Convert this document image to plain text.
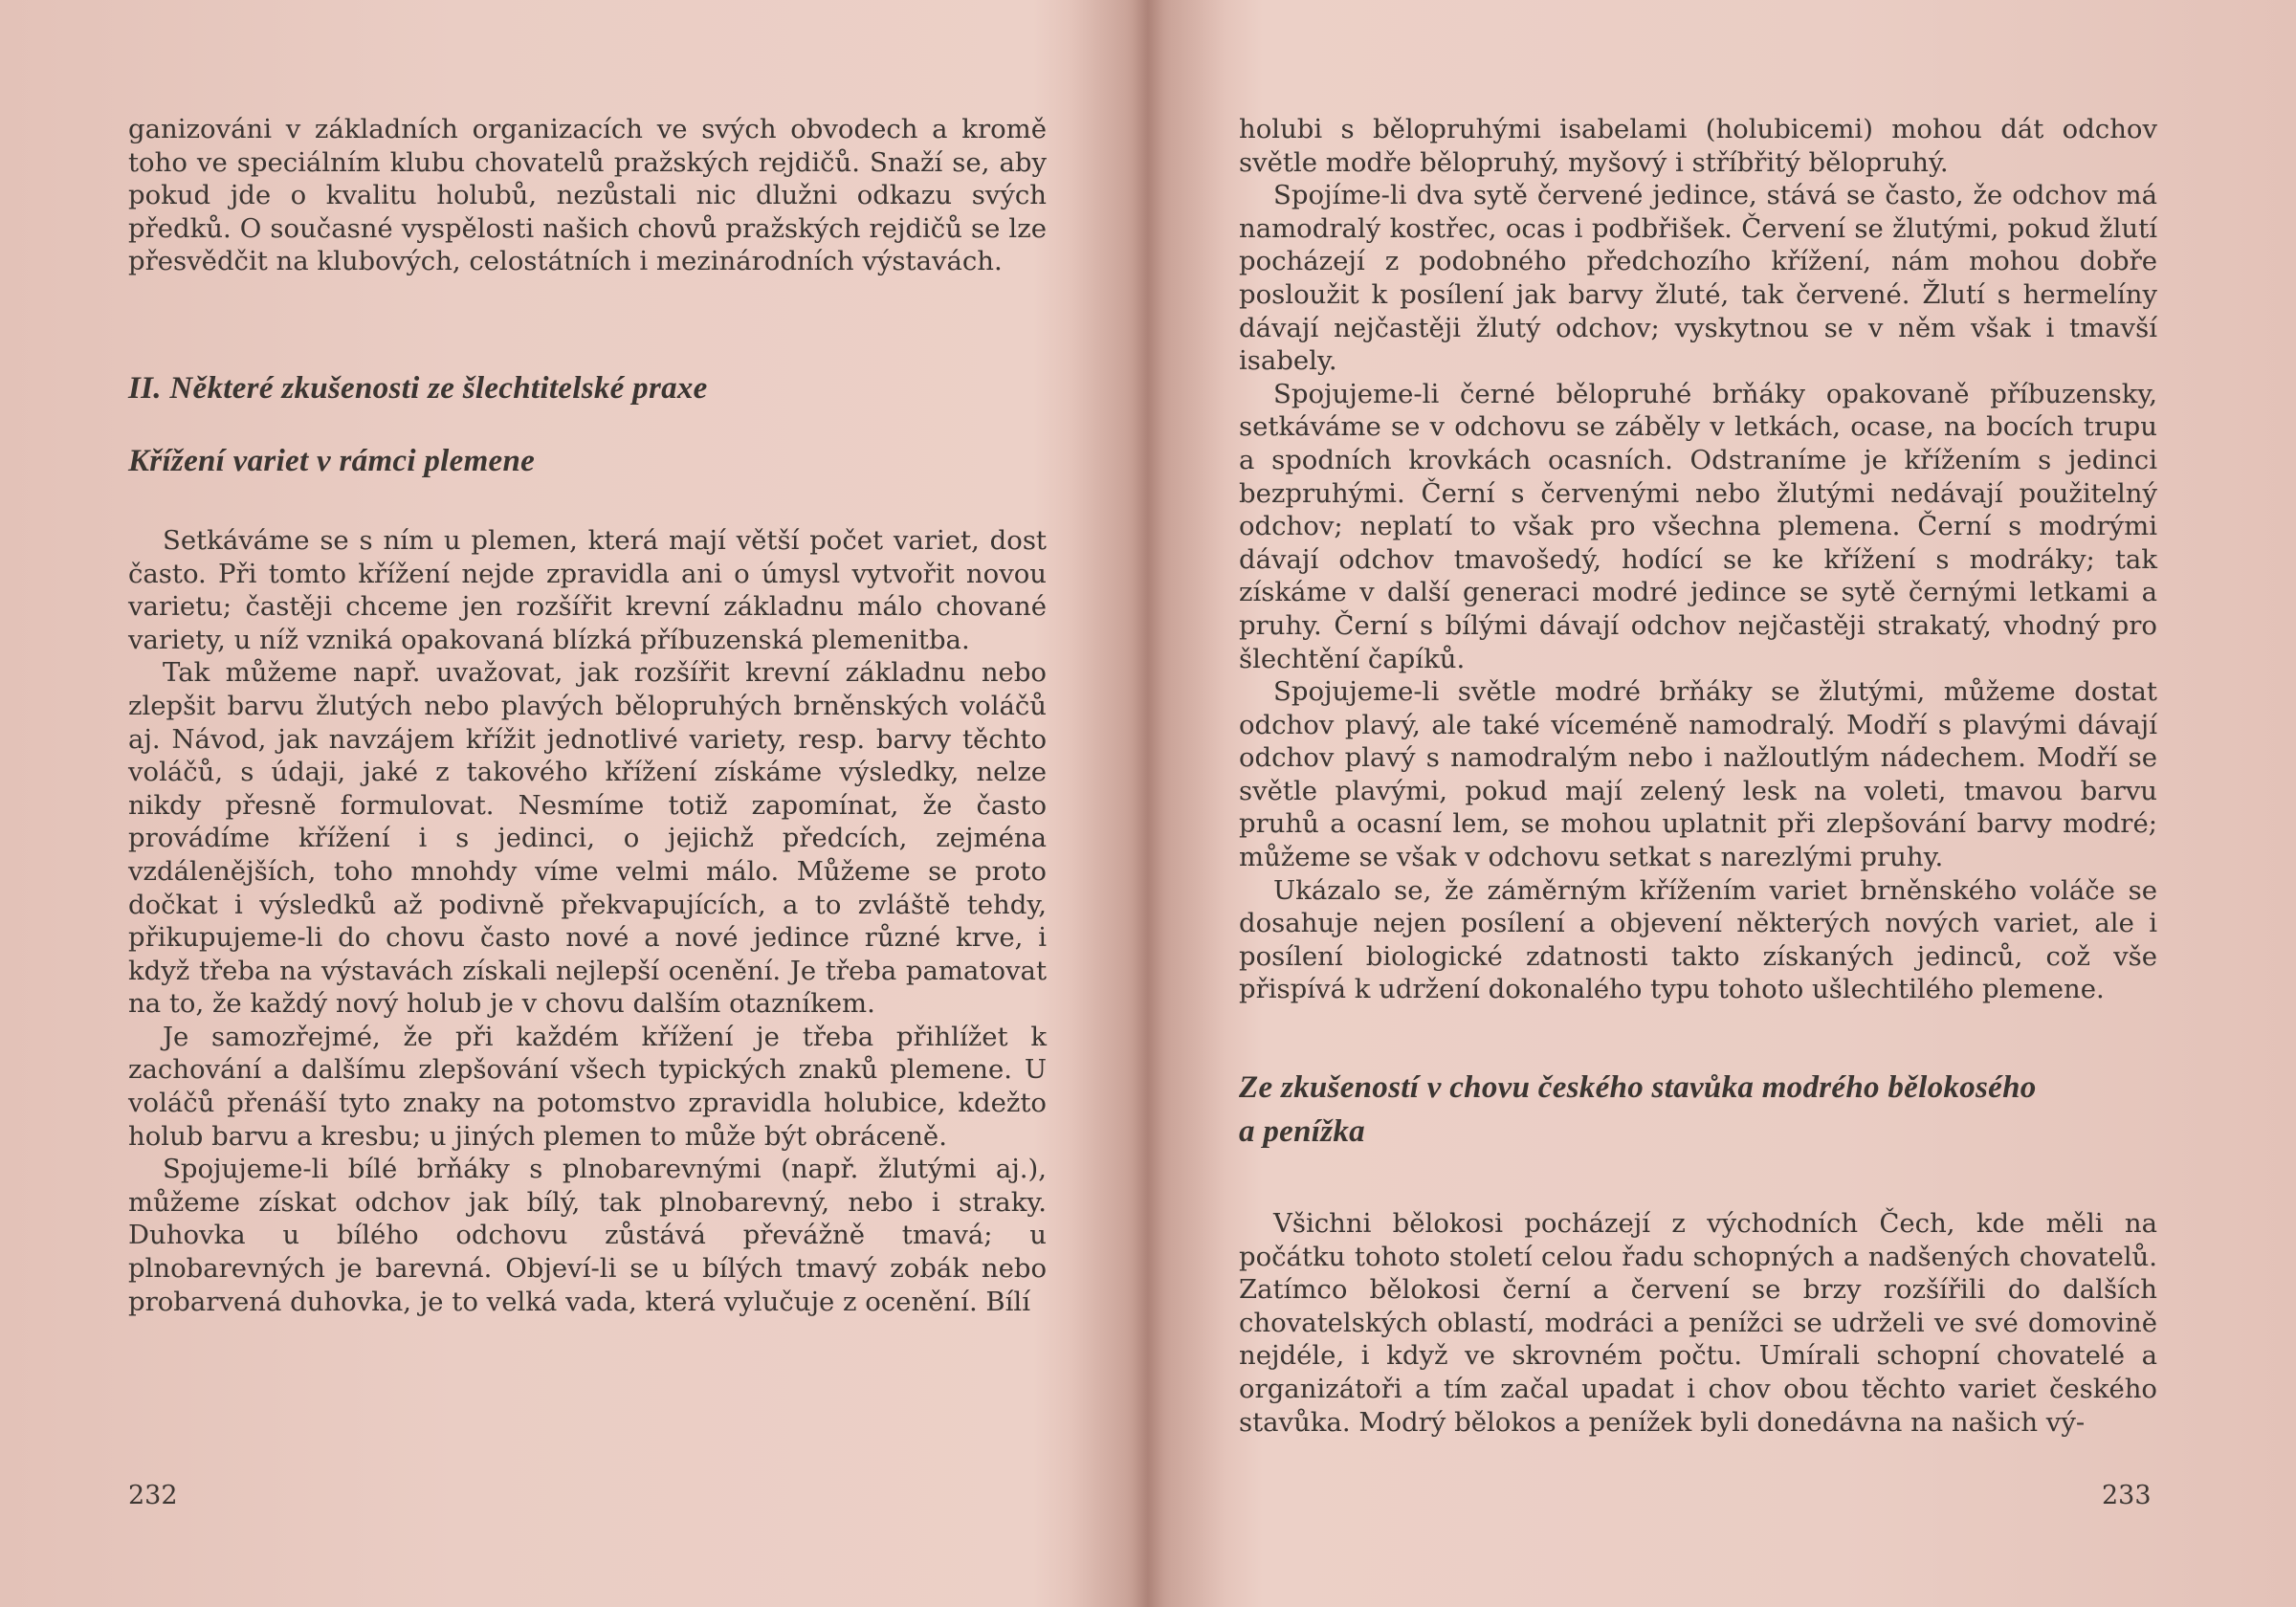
ganizováni v základních organizacích ve svých obvodech a kromě toho ve speciálním klubu chovatelů pražských rejdičů. Snaží se, aby pokud jde o kvalitu holubů, nezůstali nic dlužni odkazu svých předků. O současné vyspělosti našich chovů pražských rejdičů se lze přesvědčit na klubových, celostátních i mezinárodních výstavách.

II. Některé zkušenosti ze šlechtitelské praxe
Křížení variet v rámci plemene

Setkáváme se s ním u plemen, která mají větší počet variet, dost často. Při tomto křížení nejde zpravidla ani o úmysl vytvořit novou varietu; častěji chceme jen rozšířit krevní základnu málo chované variety, u níž vzniká opakovaná blízká příbuzenská plemenitba.

Tak můžeme např. uvažovat, jak rozšířit krevní základnu nebo zlepšit barvu žlutých nebo plavých bělopruhých brněnských voláčů aj. Návod, jak navzájem křížit jednotlivé variety, resp. barvy těchto voláčů, s údaji, jaké z takového křížení získáme výsledky, nelze nikdy přesně formulovat. Nesmíme totiž zapomínat, že často provádíme křížení i s jedinci, o jejichž předcích, zejména vzdálenějších, toho mnohdy víme velmi málo. Můžeme se proto dočkat i výsledků až podivně překvapujících, a to zvláště tehdy, přikupujeme-li do chovu často nové a nové jedince různé krve, i když třeba na výstavách získali nejlepší ocenění. Je třeba pamatovat na to, že každý nový holub je v chovu dalším otazníkem.

Je samozřejmé, že při každém křížení je třeba přihlížet k zachování a dalšímu zlepšování všech typických znaků plemene. U voláčů přenáší tyto znaky na potomstvo zpravidla holubice, kdežto holub barvu a kresbu; u jiných plemen to může být obráceně.

Spojujeme-li bílé brňáky s plnobarevnými (např. žlutými aj.), můžeme získat odchov jak bílý, tak plnobarevný, nebo i straky. Duhovka u bílého odchovu zůstává převážně tmavá; u plnobarevných je barevná. Objeví-li se u bílých tmavý zobák nebo probarvená duhovka, je to velká vada, která vylučuje z ocenění. Bílí

232

holubi s bělopruhými isabelami (holubicemi) mohou dát odchov světle modře bělopruhý, myšový i stříbřitý bělopruhý.

Spojíme-li dva sytě červené jedince, stává se často, že odchov má namodralý kostřec, ocas i podbřišek. Červení se žlutými, pokud žlutí pocházejí z podobného předchozího křížení, nám mohou dobře posloužit k posílení jak barvy žluté, tak červené. Žlutí s hermelíny dávají nejčastěji žlutý odchov; vyskytnou se v něm však i tmavší isabely.

Spojujeme-li černé bělopruhé brňáky opakovaně příbuzensky, setkáváme se v odchovu se záběly v letkách, ocase, na bocích trupu a spodních krovkách ocasních. Odstraníme je křížením s jedinci bezpruhými. Černí s červenými nebo žlutými nedávají použitelný odchov; neplatí to však pro všechna plemena. Černí s modrými dávají odchov tmavošedý, hodící se ke křížení s modráky; tak získáme v další generaci modré jedince se sytě černými letkami a pruhy. Černí s bílými dávají odchov nejčastěji strakatý, vhodný pro šlechtění čapíků.

Spojujeme-li světle modré brňáky se žlutými, můžeme dostat odchov plavý, ale také víceméně namodralý. Modří s plavými dávají odchov plavý s namodralým nebo i nažloutlým nádechem. Modří se světle plavými, pokud mají zelený lesk na voleti, tmavou barvu pruhů a ocasní lem, se mohou uplatnit při zlepšování barvy modré; můžeme se však v odchovu setkat s narezlými pruhy.

Ukázalo se, že záměrným křížením variet brněnského voláče se dosahuje nejen posílení a objevení některých nových variet, ale i posílení biologické zdatnosti takto získaných jedinců, což vše přispívá k udržení dokonalého typu tohoto ušlechtilého plemene.

Ze zkušeností v chovu českého stavůka modrého bělokosého
a penížka

Všichni bělokosi pocházejí z východních Čech, kde měli na počátku tohoto století celou řadu schopných a nadšených chovatelů. Zatímco bělokosi černí a červení se brzy rozšířili do dalších chovatelských oblastí, modráci a penížci se udrželi ve své domovině nejdéle, i když ve skrovném počtu. Umírali schopní chovatelé a organizátoři a tím začal upadat i chov obou těchto variet českého stavůka. Modrý bělokos a penížek byli donedávna na našich vý-

233
